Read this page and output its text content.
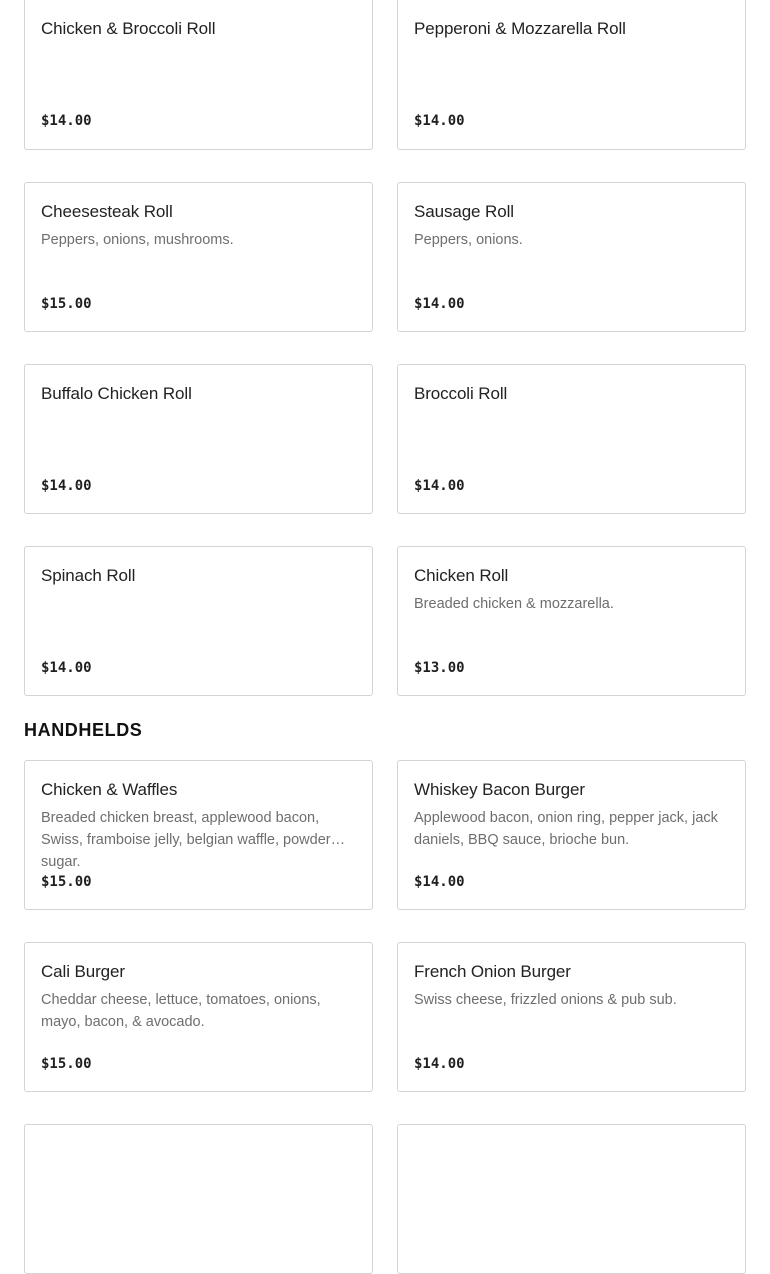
Chicken & Broccoli Roll
$14.00
Pepperoni & Mozzarella Roll
$14.00
Cheesesteak Roll
Peppers, onions, mushrooms.
$15.00
Sausage Roll
Peppers, onions.
$14.00
Buffalo Chicken Roll
$14.00
Broccoli Roll
$14.00
Spinach Roll
$14.00
Chicken Roll
Breaded chicken & mozzarella.
$13.00
HANDHELDS
Chicken & Waffles
Breaded chicken breast, applewood bacon, Swiss, framboise jelly, belgian waffle, powdered sugar.
$15.00
Whiskey Bacon Burger
Applewood bacon, onion ring, pepper jack, jack daniels, BBQ sauce, brioche bun.
$14.00
Cali Burger
Cheddar cheese, lettuce, tomatoes, onions, mayo, bacon, & avocado.
$15.00
French Onion Burger
Swiss cheese, frizzled onions & pub sub.
$14.00
